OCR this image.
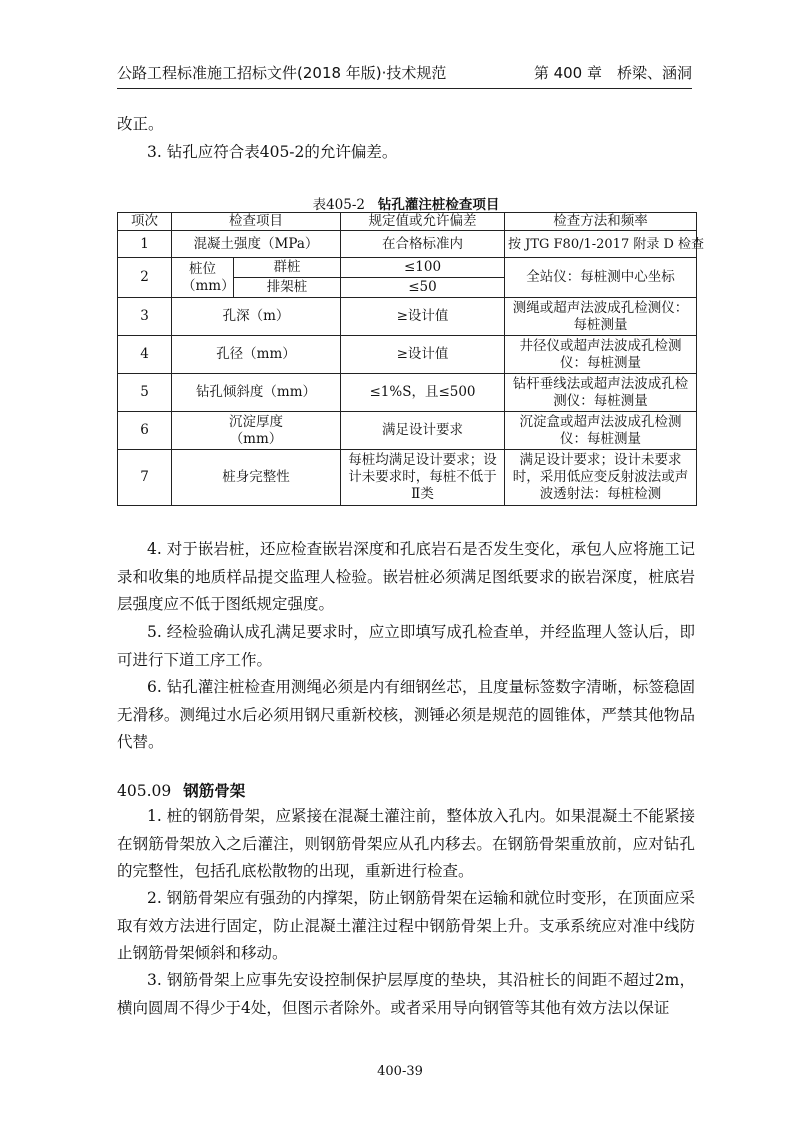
公路工程标准施工招标文件(2018 年版)·技术规范	第 400 章　桥梁、涵洞
改正。
3. 钻孔应符合表405-2的允许偏差。
表405-2 钻孔灌注桩检查项目
项次	检查项目		规定值或允许偏差	检查方法和频率
1	混凝土强度（MPa）		在合格标准内	按 JTG F80/1-2017 附录 D 检查
2	桩位（mm）	群桩	≤100	全站仪：每桩测中心坐标
		排架桩	≤50	
3	孔深（m）		≥设计值	测绳或超声法波成孔检测仪：每桩测量
4	孔径（mm）		≥设计值	井径仪或超声法波成孔检测仪：每桩测量
5	钻孔倾斜度（mm）		≤1%S，且≤500	钻杆垂线法或超声法波成孔检测仪：每桩测量
6	沉淀厚度（mm）		满足设计要求	沉淀盒或超声法波成孔检测仪：每桩测量
7	桩身完整性		每桩均满足设计要求；设计未要求时，每桩不低于Ⅱ类	满足设计要求；设计未要求时，采用低应变反射波法或声波透射法：每桩检测
4. 对于嵌岩桩，还应检查嵌岩深度和孔底岩石是否发生变化，承包人应将施工记录和收集的地质样品提交监理人检验。嵌岩桩必须满足图纸要求的嵌岩深度，桩底岩层强度应不低于图纸规定强度。
5. 经检验确认成孔满足要求时，应立即填写成孔检查单，并经监理人签认后，即可进行下道工序工作。
6. 钻孔灌注桩检查用测绳必须是内有细钢丝芯，且度量标签数字清晰，标签稳固无滑移。测绳过水后必须用钢尺重新校核，测锤必须是规范的圆锥体，严禁其他物品代替。
405.09 钢筋骨架
1. 桩的钢筋骨架，应紧接在混凝土灌注前，整体放入孔内。如果混凝土不能紧接在钢筋骨架放入之后灌注，则钢筋骨架应从孔内移去。在钢筋骨架重放前，应对钻孔的完整性，包括孔底松散物的出现，重新进行检查。
2. 钢筋骨架应有强劲的内撑架，防止钢筋骨架在运输和就位时变形，在顶面应采取有效方法进行固定，防止混凝土灌注过程中钢筋骨架上升。支承系统应对准中线防止钢筋骨架倾斜和移动。
3. 钢筋骨架上应事先安设控制保护层厚度的垫块，其沿桩长的间距不超过2m，横向圆周不得少于4处，但图示者除外。或者采用导向钢管等其他有效方法以保证
400-39
